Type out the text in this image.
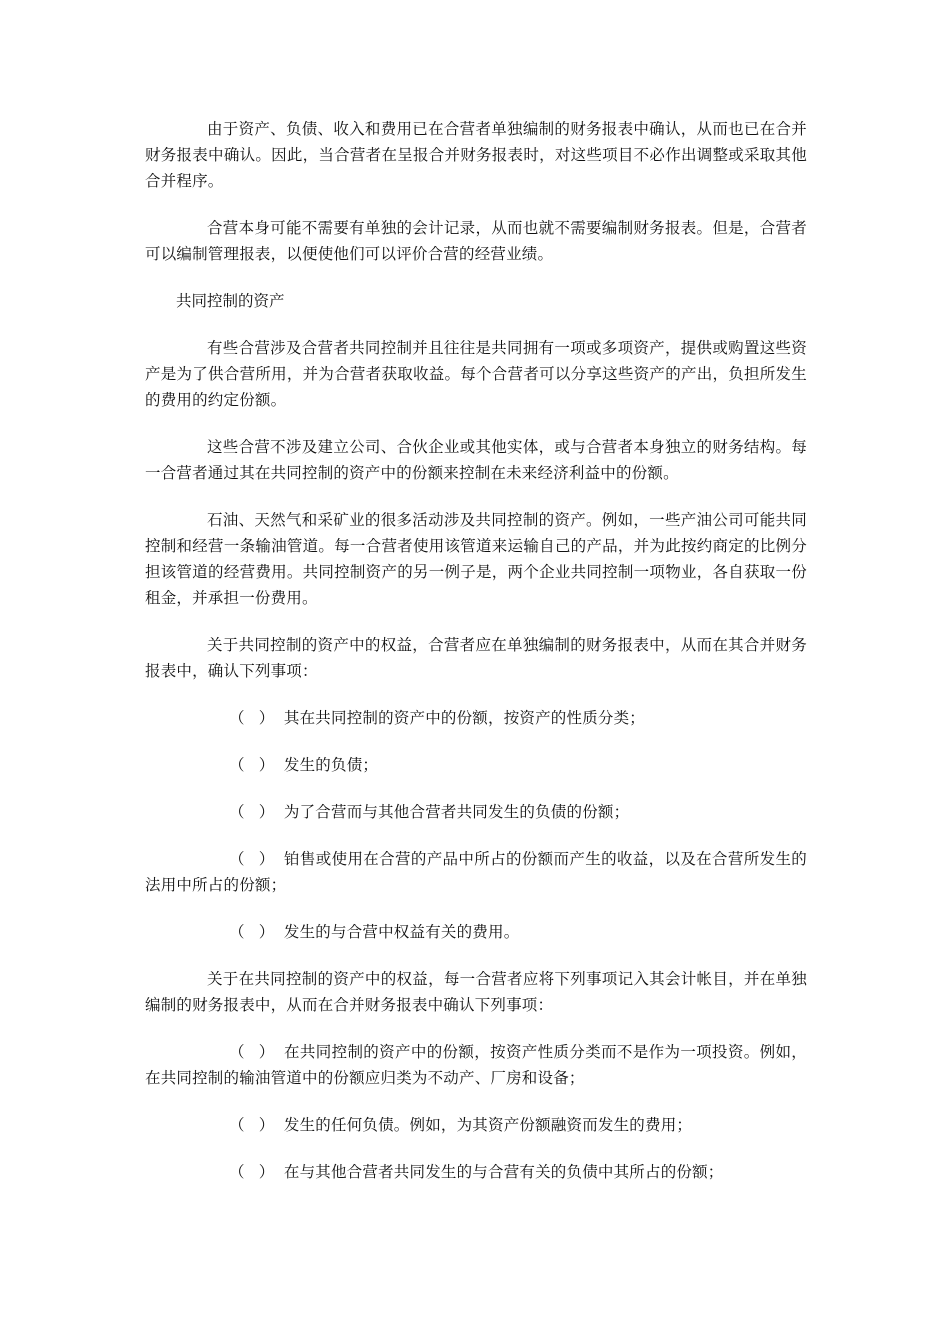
由于资产、负债、收入和费用已在合营者单独编制的财务报表中确认，从而也已在合并财务报表中确认。因此，当合营者在呈报合并财务报表时，对这些项目不必作出调整或采取其他合并程序。

合营本身可能不需要有单独的会计记录，从而也就不需要编制财务报表。但是，合营者可以编制管理报表，以便使他们可以评价合营的经营业绩。

共同控制的资产

有些合营涉及合营者共同控制并且往往是共同拥有一项或多项资产，提供或购置这些资产是为了供合营所用，并为合营者获取收益。每个合营者可以分享这些资产的产出，负担所发生的费用的约定份额。

这些合营不涉及建立公司、合伙企业或其他实体，或与合营者本身独立的财务结构。每一合营者通过其在共同控制的资产中的份额来控制在未来经济利益中的份额。

石油、天然气和采矿业的很多活动涉及共同控制的资产。例如，一些产油公司可能共同控制和经营一条输油管道。每一合营者使用该管道来运输自己的产品，并为此按约商定的比例分担该管道的经营费用。共同控制资产的另一例子是，两个企业共同控制一项物业，各自获取一份租金，并承担一份费用。

关于共同控制的资产中的权益，合营者应在单独编制的财务报表中，从而在其合并财务报表中，确认下列事项：

（ ） 其在共同控制的资产中的份额，按资产的性质分类；

（ ） 发生的负债；

（ ） 为了合营而与其他合营者共同发生的负债的份额；

（ ） 铂售或使用在合营的产品中所占的份额而产生的收益，以及在合营所发生的法用中所占的份额；

（ ） 发生的与合营中权益有关的费用。

关于在共同控制的资产中的权益，每一合营者应将下列事项记入其会计帐目，并在单独编制的财务报表中，从而在合并财务报表中确认下列事项：

（ ） 在共同控制的资产中的份额，按资产性质分类而不是作为一项投资。例如，在共同控制的输油管道中的份额应归类为不动产、厂房和设备；

（ ） 发生的任何负债。例如，为其资产份额融资而发生的费用；

（ ） 在与其他合营者共同发生的与合营有关的负债中其所占的份额；
